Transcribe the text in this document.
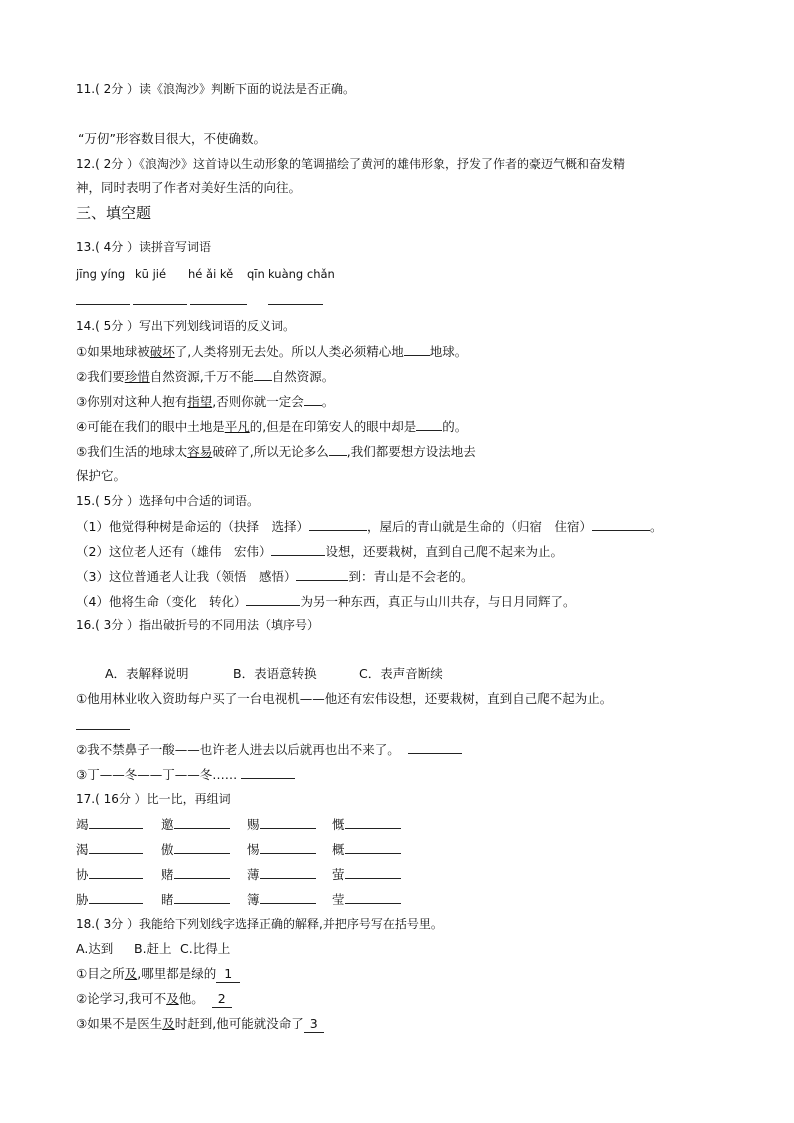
11.( 2分 ）读《浪淘沙》判断下面的说法是否正确。
“万仞”形容数目很大，不使确数。
12.( 2分 ）《浪淘沙》这首诗以生动形象的笔调描绘了黄河的雄伟形象，抒发了作者的豪迈气概和奋发精
神，同时表明了作者对美好生活的向往。
三、填空题
13.( 4分 ）读拼音写词语
jīng yíng kū jié hé ǎi kě qīn kuàng chǎn
14.( 5分 ）写出下列划线词语的反义词。
①如果地球被破坏了,人类将别无去处。所以人类必须精心地 地球。
②我们要珍惜自然资源,千万不能 自然资源。
③你别对这种人抱有指望,否则你就一定会 。
④可能在我们的眼中土地是平凡的,但是在印第安人的眼中却是 的。
⑤我们生活的地球太容易破碎了,所以无论多么 ,我们都要想方设法地去
保护它。
15.( 5分 ）选择句中合适的词语。
（1）他觉得种树是命运的（抉择　选择）	，屋后的青山就是生命的（归宿　住宿）	。
（2）这位老人还有（雄伟　宏伟）	设想，还要栽树，直到自己爬不起来为止。
（3）这位普通老人让我（领悟　感悟）	到：青山是不会老的。
（4）他将生命（变化　转化）	为另一种东西，真正与山川共存，与日月同辉了。
16.( 3分 ）指出破折号的不同用法（填序号）
A．表解释说明	B．表语意转换	C．表声音断续
①他用林业收入资助每户买了一台电视机——他还有宏伟设想，还要栽树，直到自己爬不起为止。
②我不禁鼻子一酸——也许老人进去以后就再也出不来了。
③丁——冬——丁——冬……
17.( 16分 ）比一比，再组词
竭	邀	赐	慨
渴	傲	惕	概
协	赌	薄	萤
胁	睹	簿	莹
18.( 3分 ）我能给下列划线字选择正确的解释,并把序号写在括号里。
A.达到 B.赶上 C.比得上
①目之所及,哪里都是绿的 1
②论学习,我可不及他。 2
③如果不是医生及时赶到,他可能就没命了 3
